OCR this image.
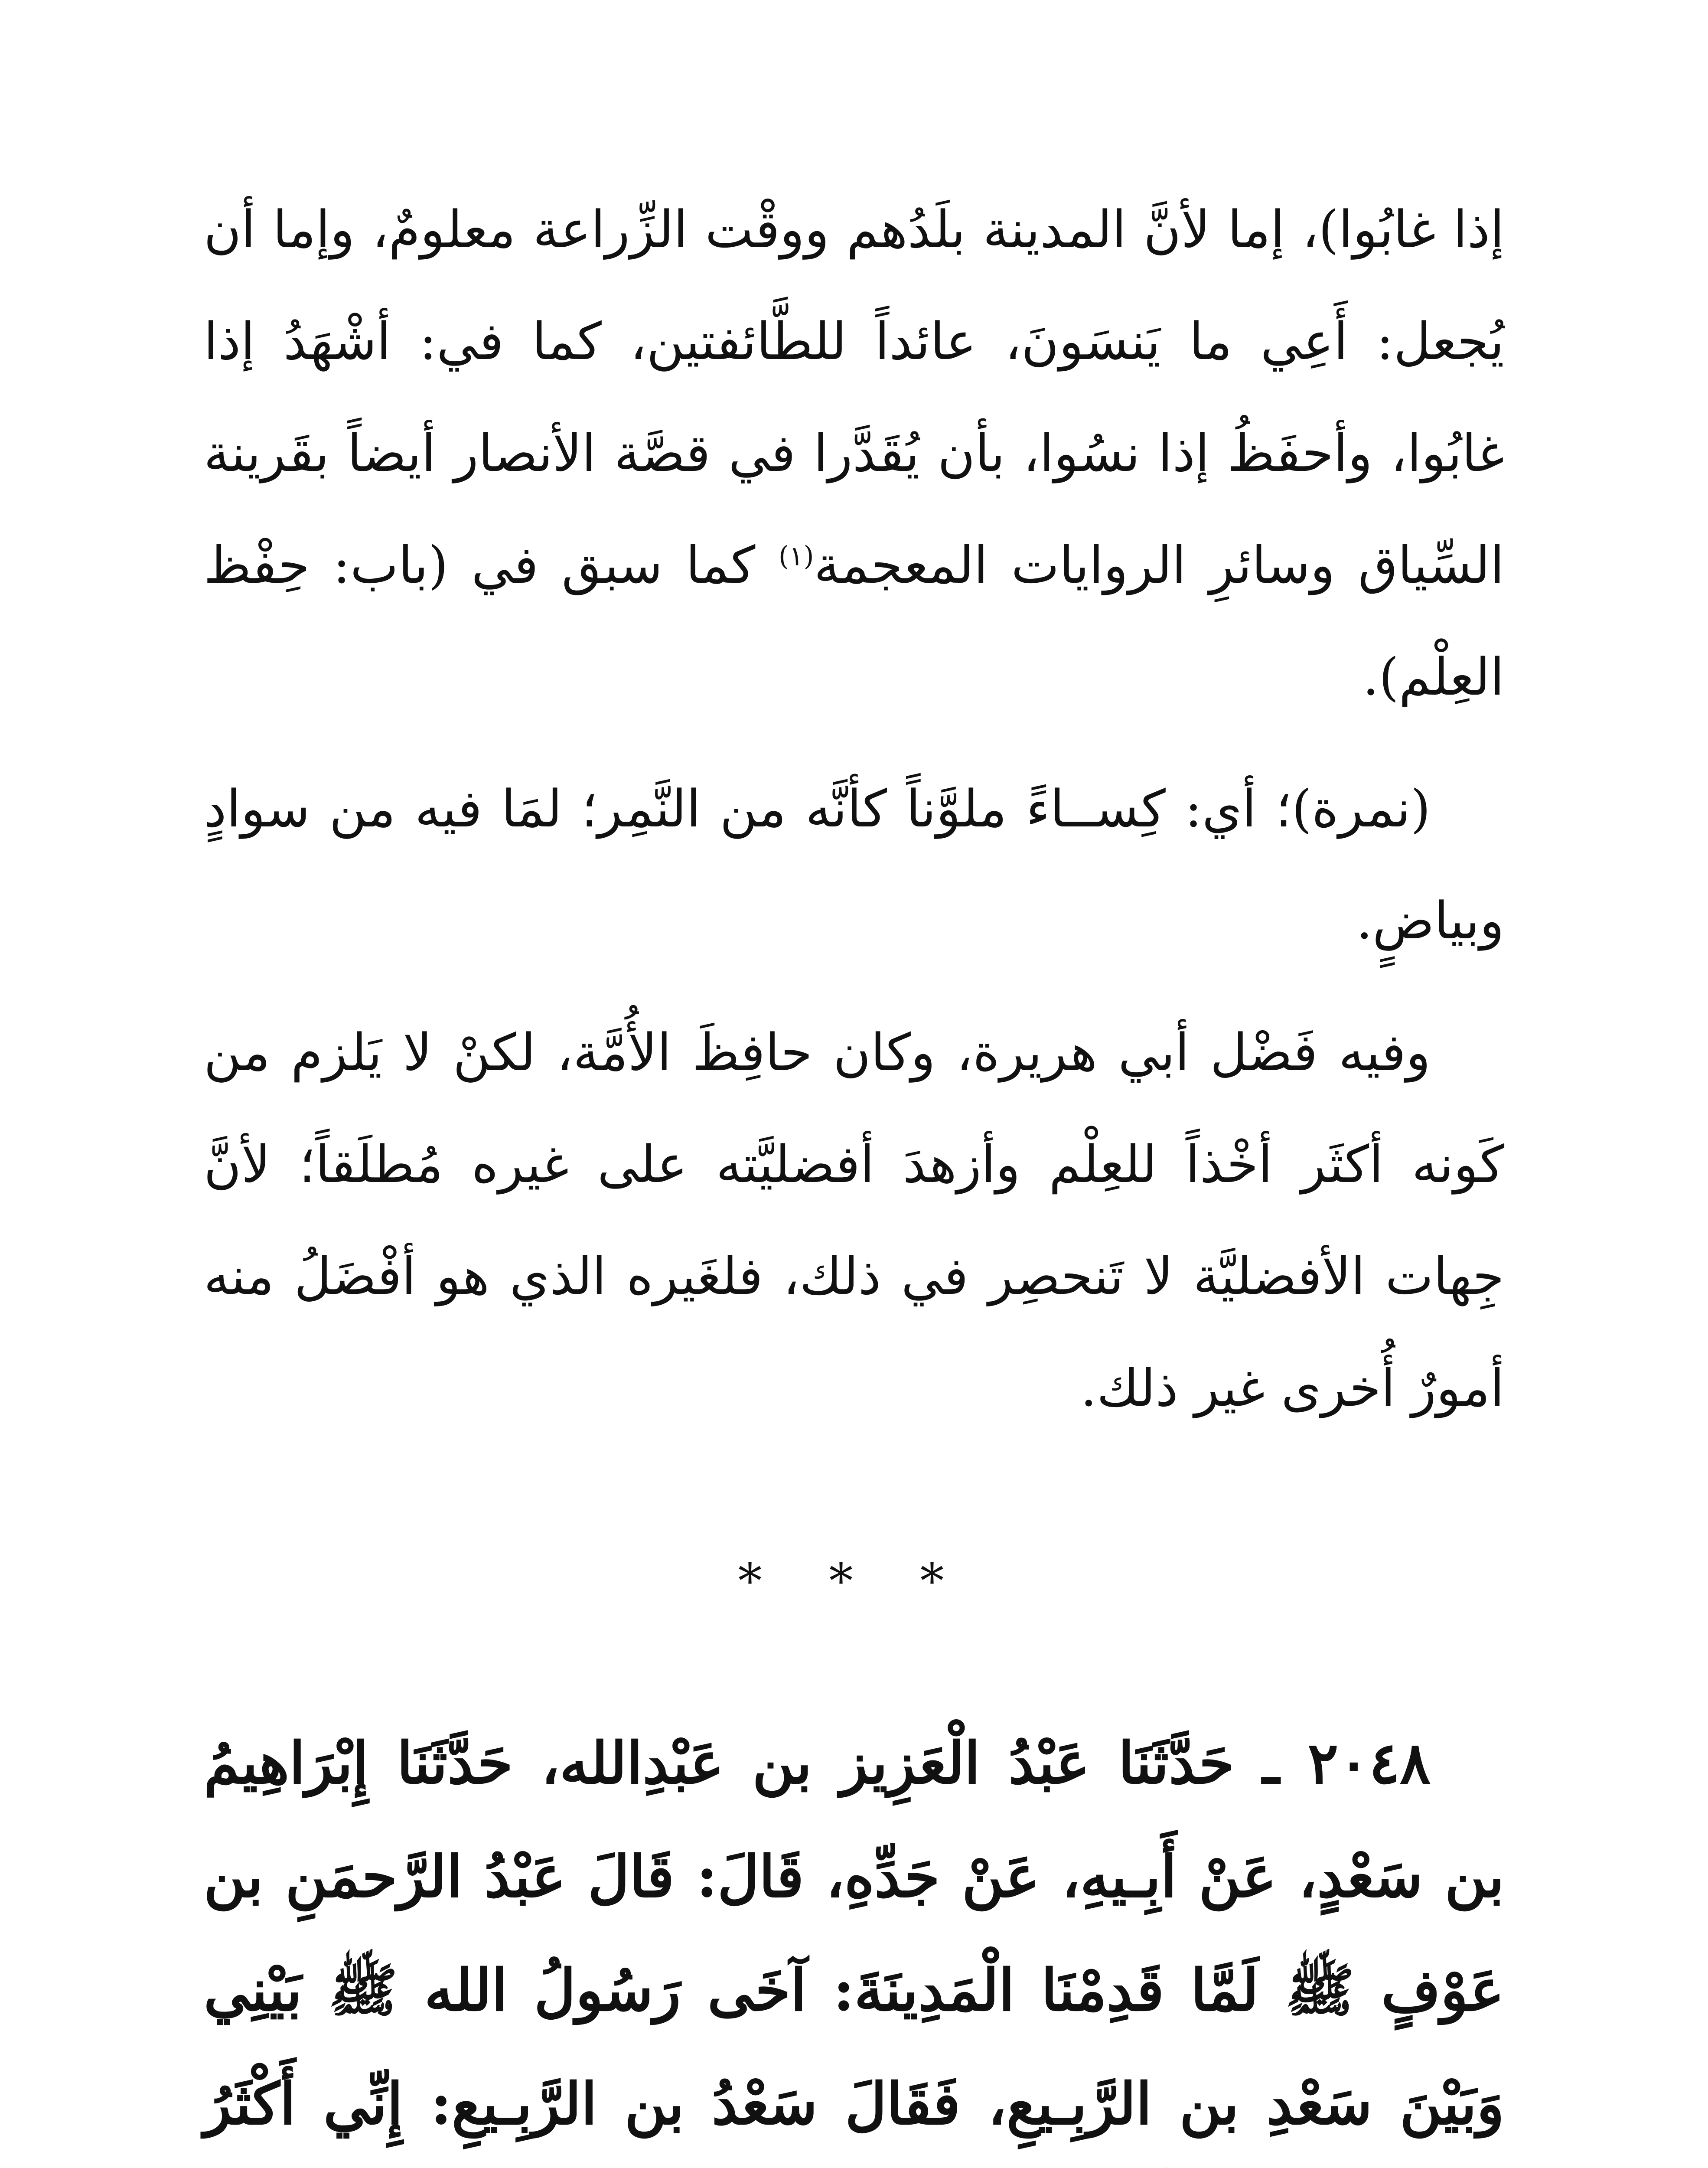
إذا غابُوا)، إما لأنَّ المدينة بلَدُهم ووقْت الزِّراعة معلومٌ، وإما أن يُجعل: أَعِي ما يَنسَونَ، عائداً للطَّائفتين، كما في: أشْهَدُ إذا غابُوا، وأحفَظُ إذا نسُوا، بأن يُقَدَّرا في قصَّة الأنصار أيضاً بقَرينة السِّياق وسائرِ الروايات المعجمة$^{(١)}$ كما سبق في (باب: حِفْظ العِلْم).

(نمرة)؛ أي: كِســاءً ملوَّناً كأنَّه من النَّمِر؛ لمَا فيه من سوادٍ وبياضٍ.

وفيه فَضْل أبي هريرة، وكان حافِظَ الأُمَّة، لكنْ لا يَلزم من كَونه أكثَر أخْذاً للعِلْم وأزهدَ أفضليَّته على غيره مُطلَقاً؛ لأنَّ جِهات الأفضليَّة لا تَنحصِر في ذلك، فلغَيره الذي هو أفْضَلُ منه أمورٌ أُخرى غير ذلك.

* * *

٢٠٤٨ ـ حَدَّثَنَا عَبْدُ الْعَزِيز بن عَبْدِالله، حَدَّثَنَا إِبْرَاهِيمُ بن سَعْدٍ، عَنْ أَبِـيهِ، عَنْ جَدِّهِ، قَالَ: قَالَ عَبْدُ الرَّحمَنِ بن عَوْفٍ ﷺ لَمَّا قَدِمْنَا الْمَدِينَةَ: آخَى رَسُولُ الله ﷺ بَيْنِي وَبَيْنَ سَعْدِ بن الرَّبِـيعِ، فَقَالَ سَعْدُ بن الرَّبِـيعِ: إِنِّي أَكْثَرُ
